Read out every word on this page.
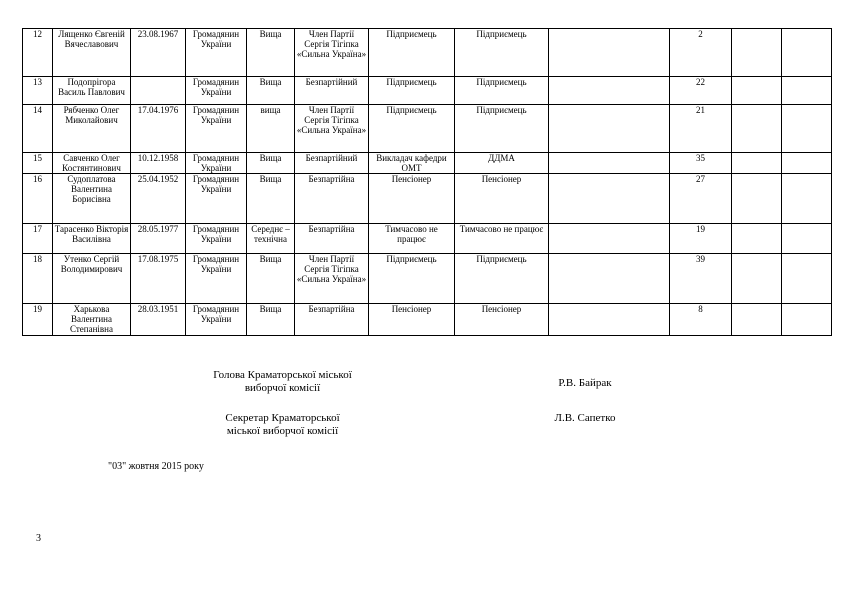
12	Лященко Євгеній Вячеславович	23.08.1967	Громадянин України	Вища	Член Партії Сергія Тігіпка «Сильна Україна»	Підприємець	Підприємець		2		
13	Подопрігора Василь Павлович		Громадянин України	Вища	Безпартійний	Підприємець	Підприємець		22		
14	Рябченко Олег Миколайович	17.04.1976	Громадянин України	вища	Член Партії Сергія Тігіпка «Сильна Україна»	Підприємець	Підприємець		21		
15	Савченко Олег Костянтинович	10.12.1958	Громадянин України	Вища	Безпартійний	Викладач кафедри ОМТ	ДДМА		35		
16	Судоплатова Валентина Борисівна	25.04.1952	Громадянин України	Вища	Безпартійна	Пенсіонер	Пенсіонер		27		
17	Тарасенко Вікторія Василівна	28.05.1977	Громадянин України	Середнє – технічна	Безпартійна	Тимчасово не працює	Тимчасово не працює		19		
18	Утенко Сергій Володимирович	17.08.1975	Громадянин України	Вища	Член Партії Сергія Тігіпка «Сильна Україна»	Підприємець	Підприємець		39		
19	Харькова Валентина Степанівна	28.03.1951	Громадянин України	Вища	Безпартійна	Пенсіонер	Пенсіонер		8		
Голова Краматорської міської
виборчої комісії	Р.В. Байрак
Секретар Краматорської
міської виборчої комісії
Л.В. Сапетко
"03" жовтня 2015 року
3
